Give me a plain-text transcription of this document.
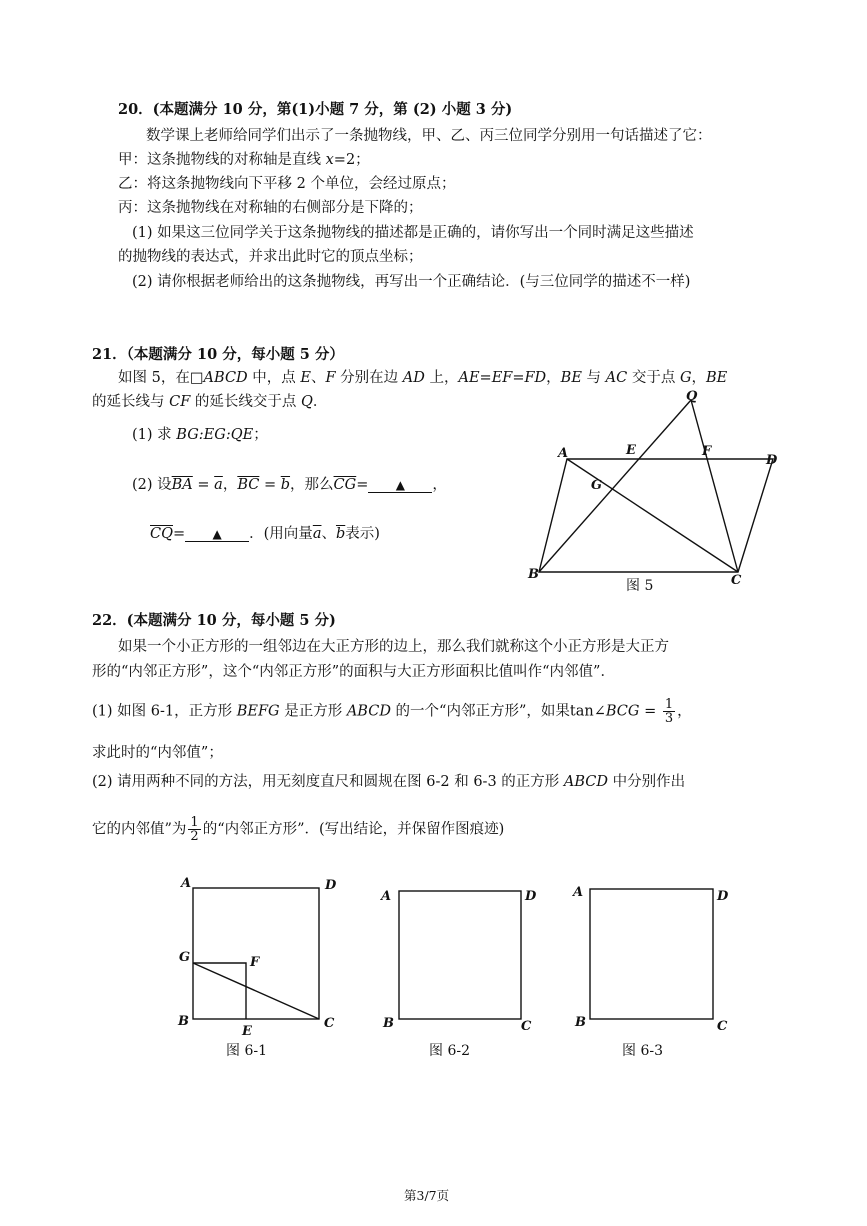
20．(本题满分 10 分，第(1)小题 7 分，第 (2) 小题 3 分)
数学课上老师给同学们出示了一条抛物线，甲、乙、丙三位同学分别用一句话描述了它：
甲：这条抛物线的对称轴是直线 x=2；
乙：将这条抛物线向下平移 2 个单位，会经过原点；
丙：这条抛物线在对称轴的右侧部分是下降的；
(1) 如果这三位同学关于这条抛物线的描述都是正确的，请你写出一个同时满足这些描述
的抛物线的表达式，并求出此时它的顶点坐标；
(2) 请你根据老师给出的这条抛物线，再写出一个正确结论．(与三位同学的描述不一样)
21．（本题满分 10 分，每小题 5 分）
如图 5，在□ABCD 中，点 E、F 分别在边 AD 上，AE=EF=FD，BE 与 AC 交于点 G，BE
的延长线与 CF 的延长线交于点 Q．
(1) 求 BG:EG:QE；
(2) 设$\overline{BA} = \overline{a}$，$\overline{BC} = \overline{b}$，那么$\overline{CG}=$ ▲ ，
$\overline{CQ}=$ ▲ ．(用向量$\overline{a}$、$\overline{b}$表示)
Q
A	E	F
D
G
B	C
图 5
22．(本题满分 10 分，每小题 5 分)
如果一个小正方形的一组邻边在大正方形的边上，那么我们就称这个小正方形是大正方
形的“内邻正方形”，这个“内邻正方形”的面积与大正方形面积比值叫作“内邻值”．
(1) 如图 6-1，正方形 BEFG 是正方形 ABCD 的一个“内邻正方形”，如果tan∠BCG = $\frac{1}{3}$ ，
求此时的“内邻值”；
(2) 请用两种不同的方法，用无刻度直尺和圆规在图 6-2 和 6-3 的正方形 ABCD 中分别作出
它的内邻值”为 $\frac{1}{2}$ 的“内邻正方形”．(写出结论，并保留作图痕迹)
A	D
G	F
B
E
C
图 6-1
A	D
B	C
图 6-2
A	D
B	C
图 6-3
第3/7页
